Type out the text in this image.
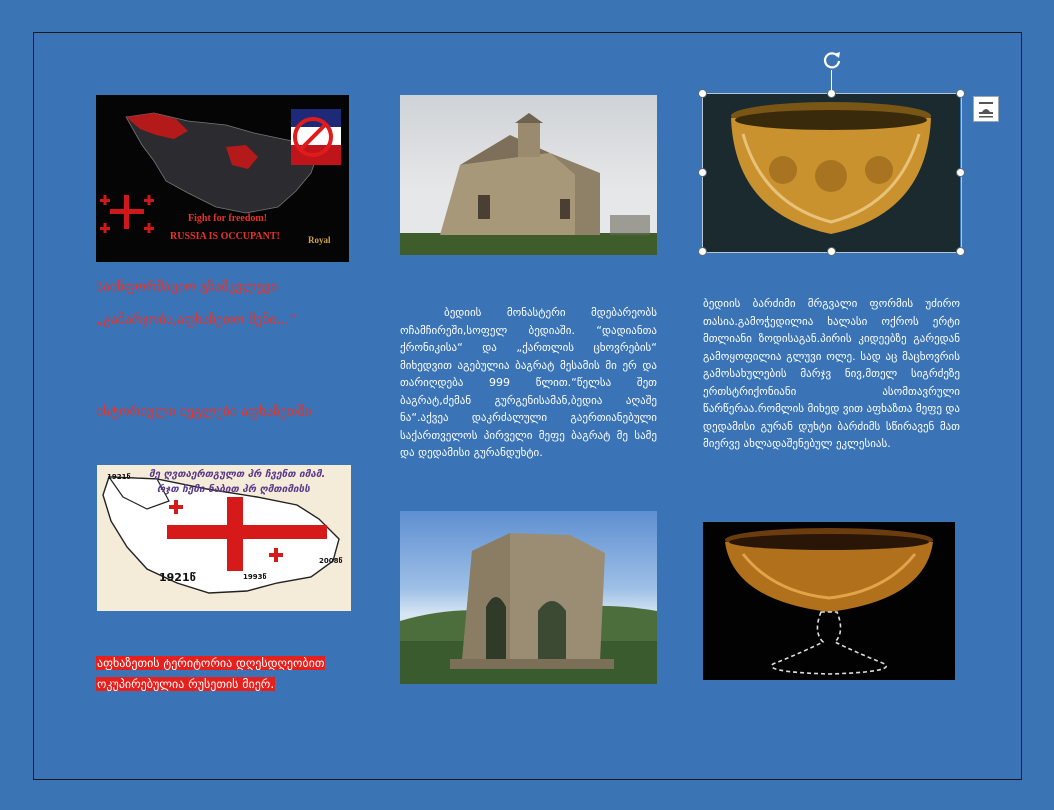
Fight for freedom!
RUSSIA IS OCCUPANT!	Royal
საინფორმაციო გზამკვლევი
„გამარჯობა,აფხაზეთო შენი...“
ისტორიული ძეგლები აფხაზეთში
ბედიის მონასტერი მდებარეობს ოჩამჩირეში,სოფელ ბედიაში. “დადიანთა ქრონიკისა“ და „ქართლის ცხოვრების“ მიხედვით აგებულია ბაგრატ მესამის მი ერ და თარიღდება 999 წლით.“წელსა შეთ ბაგრატ,ძემან გურგენისამან,ბედია აღაშე ნა“.აქვეა დაკრძალული გაერთიანებული საქართველოს პირველი მეფე ბაგრატ მე სამე და დედამისი გურანდუხტი.
ბედიის ბარძიმი მრგვალი ფორმის უძირო თასია.გამოჭედილია ხალასი ოქროს ერტი მთლიანი ზოდისაგან.პირის კიდეებზე გარედან გამოყოფილია გლუვი ოლე. სად აც მაცხოვრის გამოსახულების მარჯვ ნივ,მთელ სიგრძეზე ერთსტრიქონიანი ასომთავრული წარწერაა.რომლის მიხედ ვით აფხაზთა მეფე და დედამისი გურან დუხტი ბარძიმს სწირავენ მათ მიერვე ახლადაშენებულ ეკლესიას.
მე ღვთაერთგულთ ჰრ ჩვენთ იმამ.
რჯთ ჩემი ნაბით ჰრ ღმთიმისს
1921წ	1993წ
2008წ
1921წ
აფხაზეთის ტერიტორია დღესდღეობით ოკუპირებულია რუსეთის მიერ.
